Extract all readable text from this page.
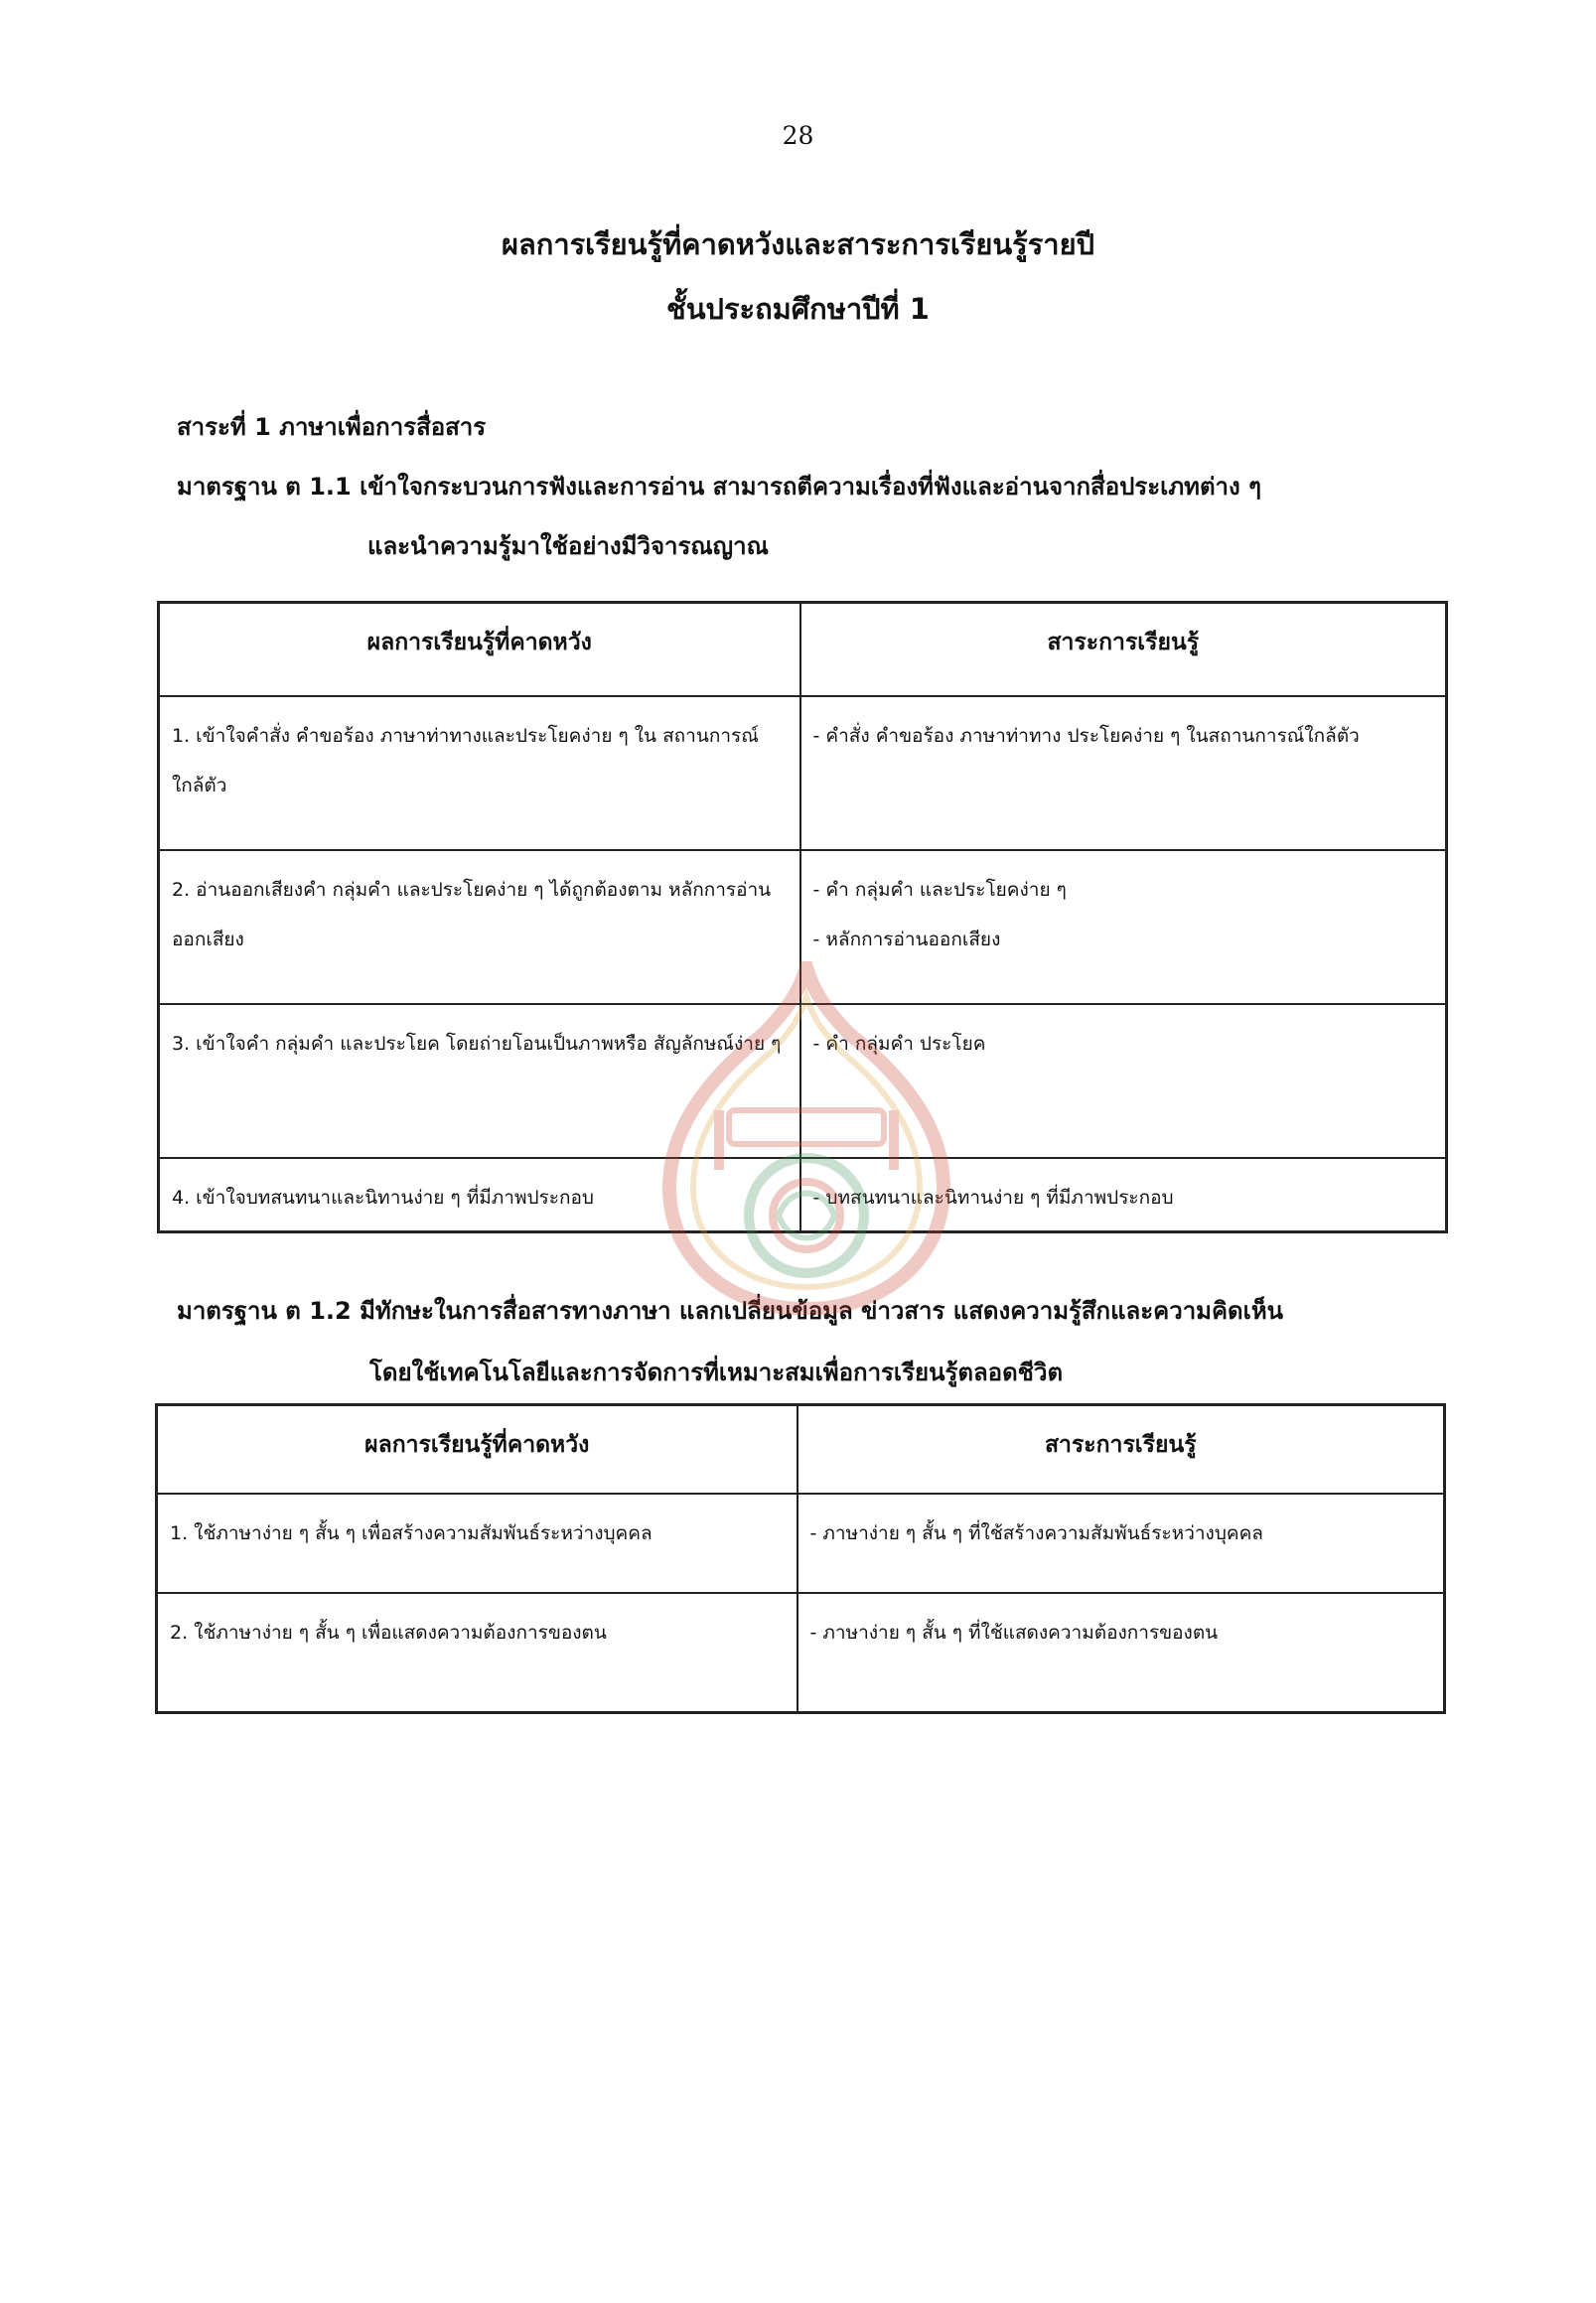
28
ผลการเรียนรู้ที่คาดหวังและสาระการเรียนรู้รายปี
ชั้นประถมศึกษาปีที่ 1
สาระที่ 1 ภาษาเพื่อการสื่อสาร
มาตรฐาน ต 1.1 เข้าใจกระบวนการฟังและการอ่าน สามารถตีความเรื่องที่ฟังและอ่านจากสื่อประเภทต่าง ๆ
และนำความรู้มาใช้อย่างมีวิจารณญาณ
ผลการเรียนรู้ที่คาดหวัง	สาระการเรียนรู้
1. เข้าใจคำสั่ง คำขอร้อง ภาษาท่าทางและประโยคง่าย ๆ ใน สถานการณ์ใกล้ตัว	- คำสั่ง คำขอร้อง ภาษาท่าทาง ประโยคง่าย ๆ ในสถานการณ์ใกล้ตัว

2. อ่านออกเสียงคำ กลุ่มคำ และประโยคง่าย ๆ ได้ถูกต้องตาม หลักการอ่านออกเสียง	- คำ กลุ่มคำ และประโยคง่าย ๆ
- หลักการอ่านออกเสียง

3. เข้าใจคำ กลุ่มคำ และประโยค โดยถ่ายโอนเป็นภาพหรือ สัญลักษณ์ง่าย ๆ	- คำ กลุ่มคำ ประโยค

4. เข้าใจบทสนทนาและนิทานง่าย ๆ ที่มีภาพประกอบ	- บทสนทนาและนิทานง่าย ๆ ที่มีภาพประกอบ
มาตรฐาน ต 1.2 มีทักษะในการสื่อสารทางภาษา แลกเปลี่ยนข้อมูล ข่าวสาร แสดงความรู้สึกและความคิดเห็น
โดยใช้เทคโนโลยีและการจัดการที่เหมาะสมเพื่อการเรียนรู้ตลอดชีวิต
ผลการเรียนรู้ที่คาดหวัง	สาระการเรียนรู้
1. ใช้ภาษาง่าย ๆ สั้น ๆ เพื่อสร้างความสัมพันธ์ระหว่างบุคคล	- ภาษาง่าย ๆ สั้น ๆ ที่ใช้สร้างความสัมพันธ์ระหว่างบุคคล

2. ใช้ภาษาง่าย ๆ สั้น ๆ เพื่อแสดงความต้องการของตน	- ภาษาง่าย ๆ สั้น ๆ ที่ใช้แสดงความต้องการของตน
